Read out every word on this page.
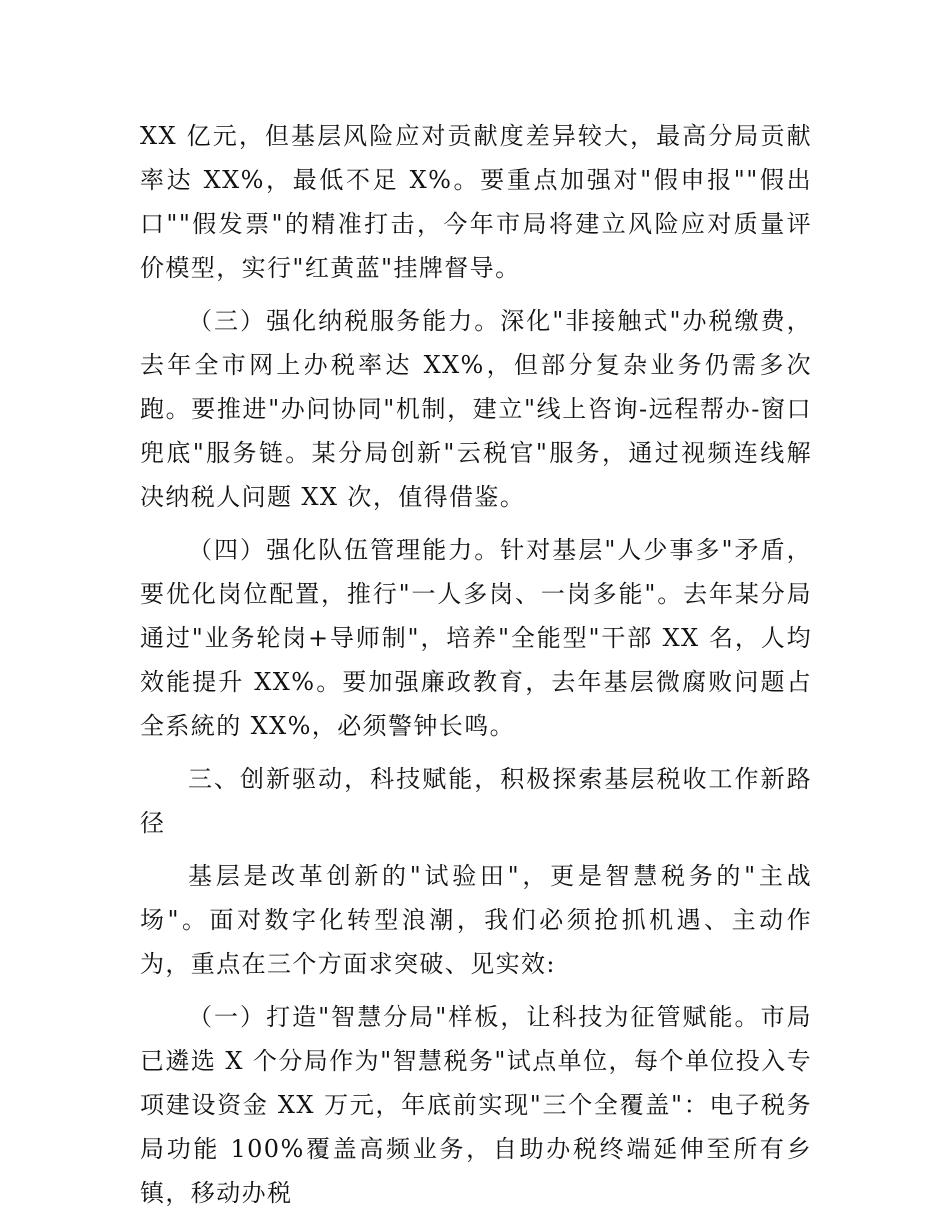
XX 亿元，但基层风险应对贡献度差异较大，最高分局贡献率达 XX%，最低不足 X%。要重点加强对"假申报""假出口""假发票"的精准打击，今年市局将建立风险应对质量评价模型，实行"红黄蓝"挂牌督导。

（三）强化纳税服务能力。深化"非接触式"办税缴费，去年全市网上办税率达 XX%，但部分复杂业务仍需多次跑。要推进"办问协同"机制，建立"线上咨询-远程帮办-窗口兜底"服务链。某分局创新"云税官"服务，通过视频连线解决纳税人问题 XX 次，值得借鉴。

（四）强化队伍管理能力。针对基层"人少事多"矛盾，要优化岗位配置，推行"一人多岗、一岗多能"。去年某分局通过"业务轮岗+导师制"，培养"全能型"干部 XX 名，人均效能提升 XX%。要加强廉政教育，去年基层微腐败问题占全系統的 XX%，必须警钟长鸣。

三、创新驱动，科技赋能，积极探索基层税收工作新路径

基层是改革创新的"试验田"，更是智慧税务的"主战场"。面对数字化转型浪潮，我们必须抢抓机遇、主动作为，重点在三个方面求突破、见实效:

（一）打造"智慧分局"样板，让科技为征管赋能。市局已遴选 X 个分局作为"智慧税务"试点单位，每个单位投入专项建设资金 XX 万元，年底前实现"三个全覆盖"：电子税务局功能 100%覆盖高频业务，自助办税终端延伸至所有乡镇，移动办税
